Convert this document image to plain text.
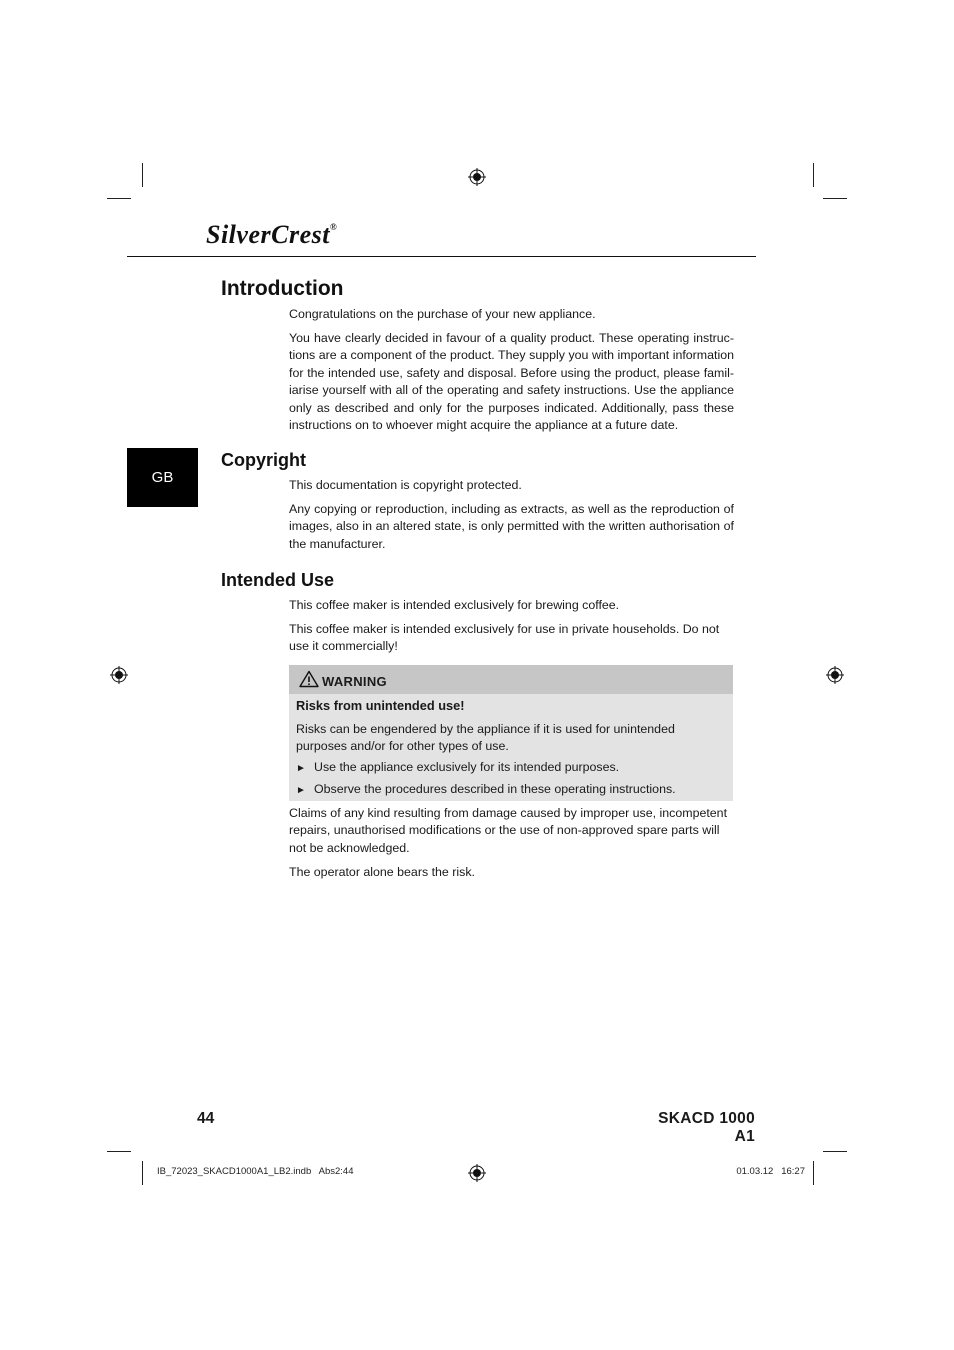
SilverCrest®
Introduction

Congratulations on the purchase of your new appliance.

You have clearly decided in favour of a quality product. These operating instruc-tions are a component of the product. They supply you with important information for the intended use, safety and disposal. Before using the product, please famil-iarise yourself with all of the operating and safety instructions. Use the appliance only as described and only for the purposes indicated. Additionally, pass these instructions on to whoever might acquire the appliance at a future date.

GB
Copyright

This documentation is copyright protected.

Any copying or reproduction, including as extracts, as well as the reproduction of images, also in an altered state, is only permitted with the written authorisation of the manufacturer.

Intended Use

This coffee maker is intended exclusively for brewing coffee.

This coffee maker is intended exclusively for use in private households. Do not use it commercially!

WARNING
Risks from unintended use!

Risks can be engendered by the appliance if it is used for unintended purposes and/or for other types of use.

► Use the appliance exclusively for its intended purposes.
► Observe the procedures described in these operating instructions.

Claims of any kind resulting from damage caused by improper use, incompetent repairs, unauthorised modifications or the use of non-approved spare parts will not be acknowledged.

The operator alone bears the risk.

44	SKACD 1000 A1
IB_72023_SKACD1000A1_LB2.indb   Abs2:44	01.03.12   16:27
